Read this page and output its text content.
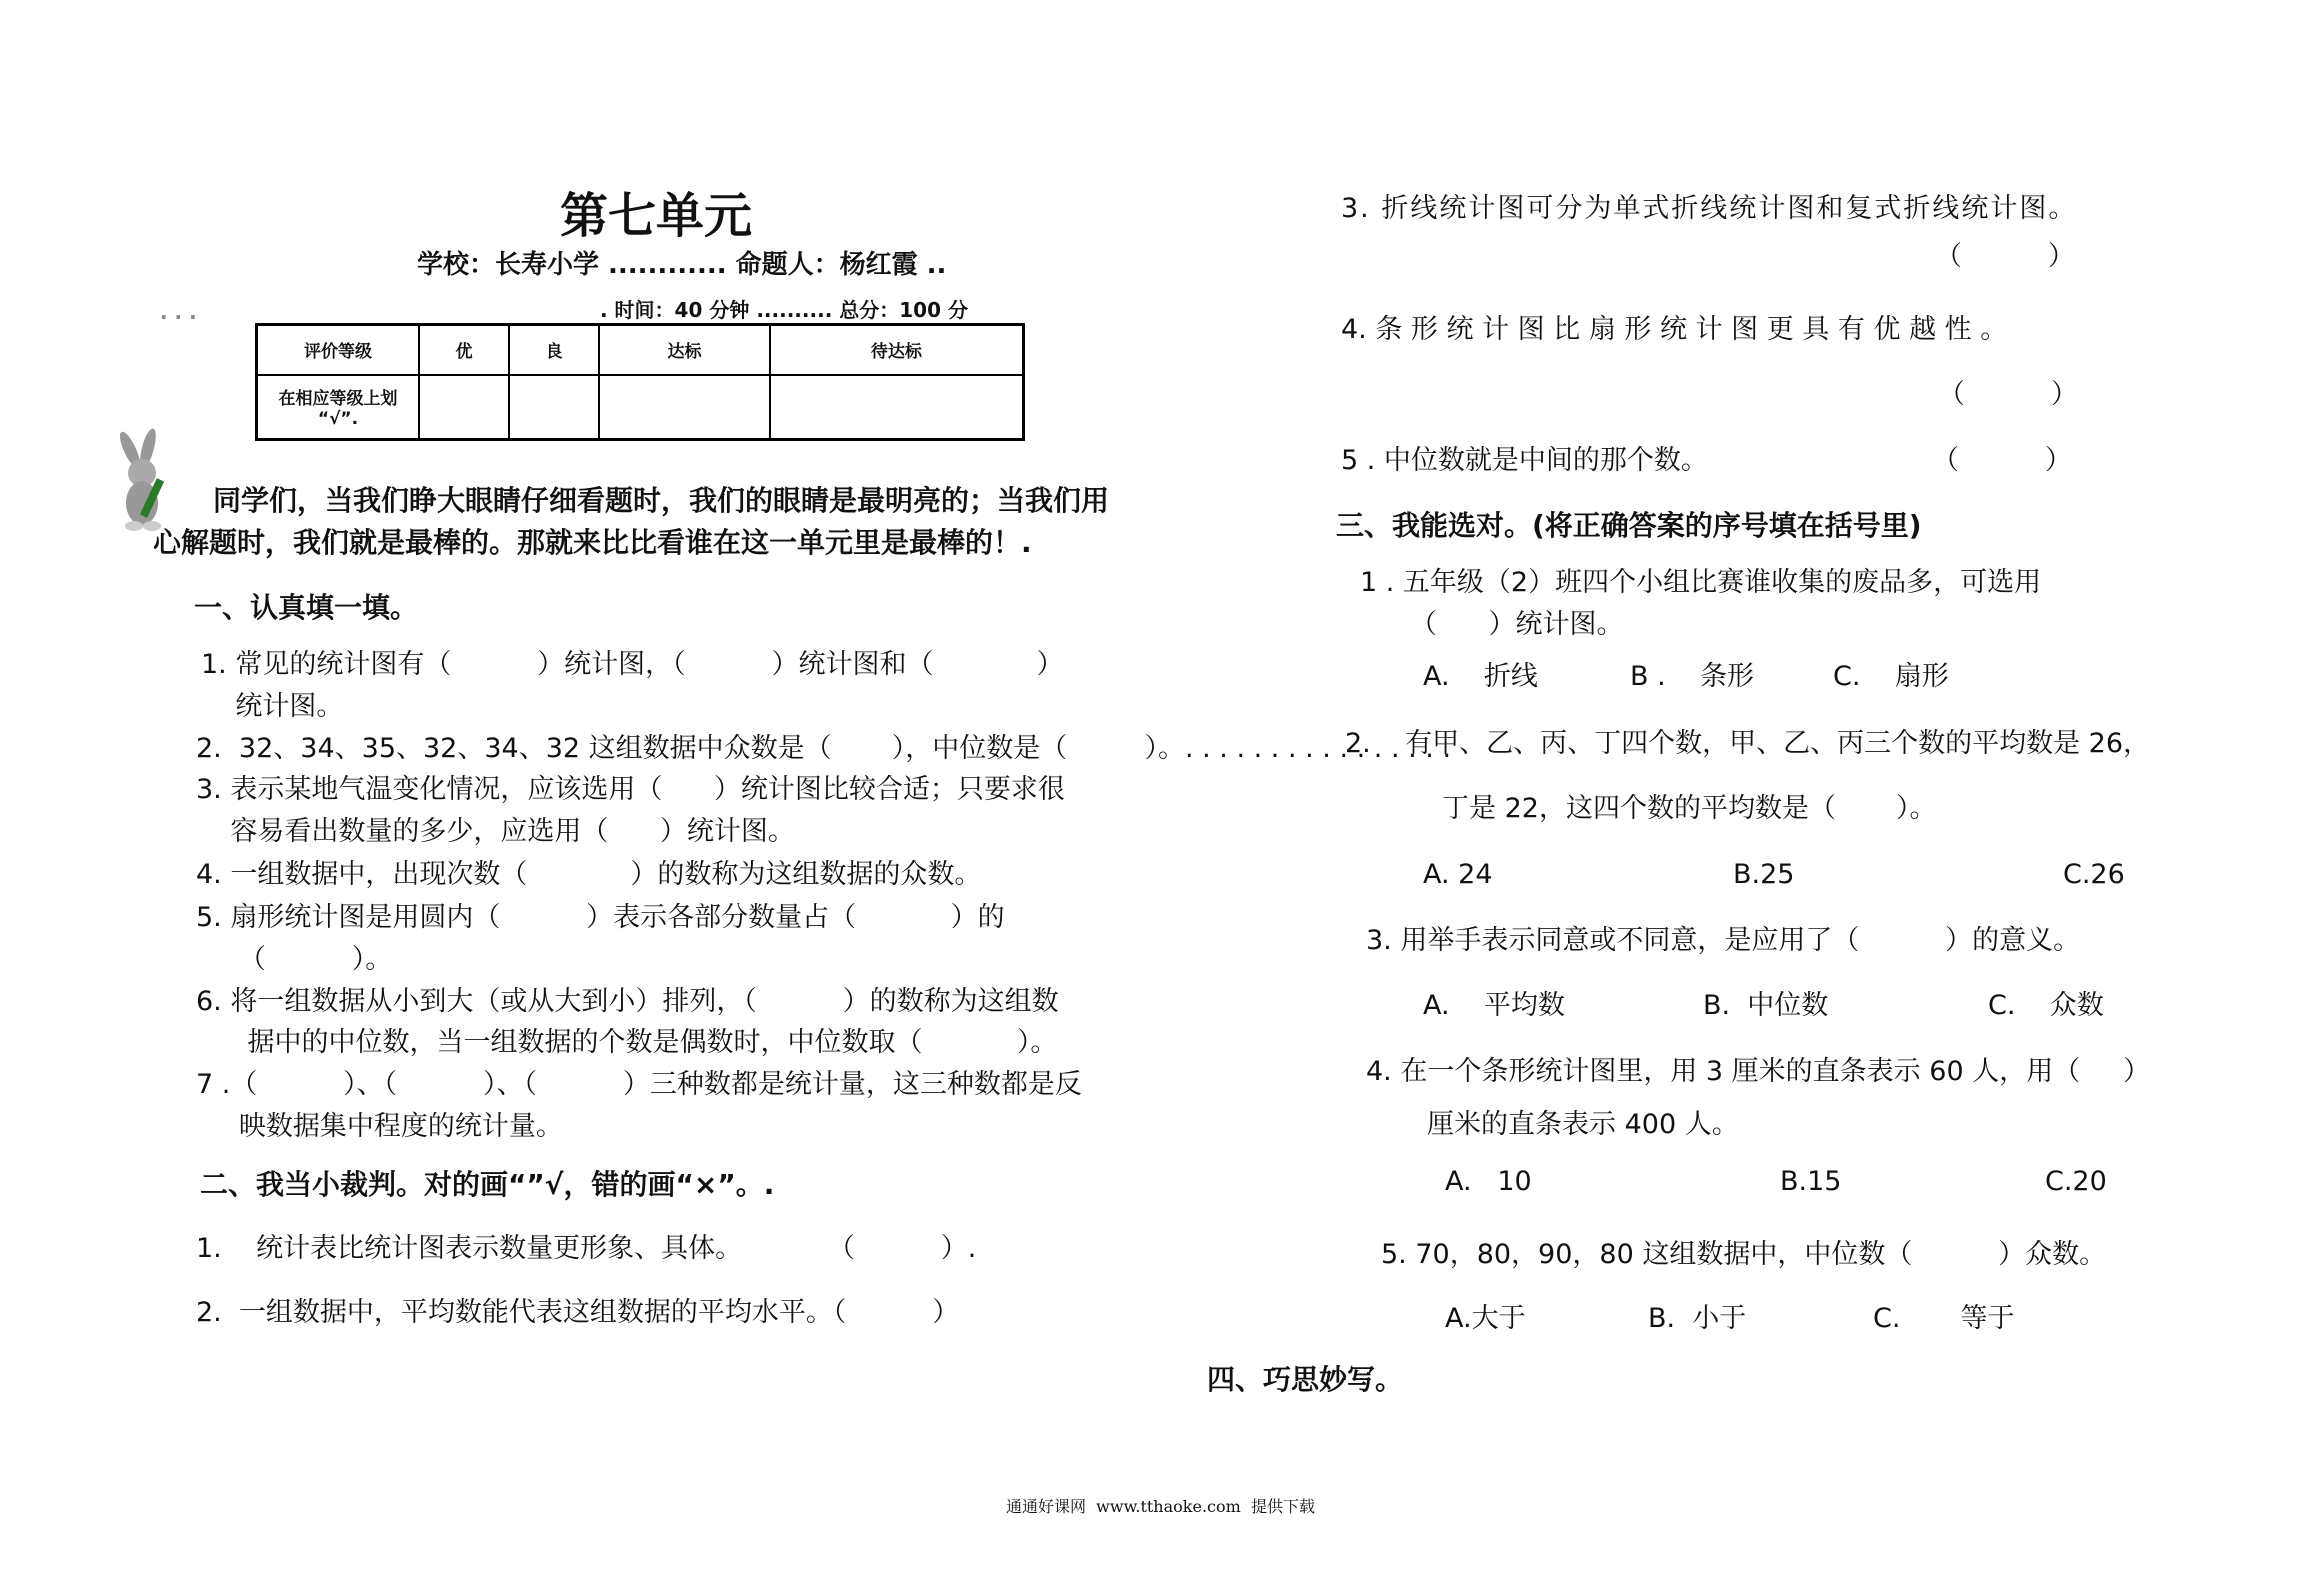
第七单元
学校：长寿小学 ............ 命题人：杨红霞 ..
. 时间：40 分钟 .......... 总分：100 分
. . .
评价等级	优	良	达标	待达标

在相应等级上划
“√”.				

同学们，当我们睁大眼睛仔细看题时，我们的眼睛是最明亮的；当我们用
心解题时，我们就是最棒的。那就来比比看谁在这一单元里是最棒的！.
一、认真填一填。
1. 常见的统计图有（          ）统计图，（          ）统计图和（            ）
统计图。
2.  32、34、35、32、34、32 这组数据中众数是（       ），中位数是（         ）。. . . . . . . . . . . . . . . .
3. 表示某地气温变化情况，应该选用（      ）统计图比较合适；只要求很
容易看出数量的多少，应选用（      ）统计图。
4. 一组数据中，出现次数（            ）的数称为这组数据的众数。
5. 扇形统计图是用圆内（          ）表示各部分数量占（           ）的
（          ）。
6. 将一组数据从小到大（或从大到小）排列，（          ）的数称为这组数
据中的中位数，当一组数据的个数是偶数时，中位数取（           ）。
7 .（          ）、（          ）、（          ）三种数都是统计量，这三种数都是反
映数据集中程度的统计量。
二、我当小裁判。对的画“”√，错的画“×”。.
1.    统计表比统计图表示数量更形象、具体。          （          ）.
2.  一组数据中，平均数能代表这组数据的平均水平。（          ）
3. 折线统计图可分为单式折线统计图和复式折线统计图。
（          ）
4. 条 形 统 计 图 比 扇 形 统 计 图 更 具 有 优 越 性 。
（          ）
5 . 中位数就是中间的那个数。	（          ）
三、我能选对。(将正确答案的序号填在括号里)
1 . 五年级（2）班四个小组比赛谁收集的废品多，可选用
（      ）统计图。
A.    折线	B .    条形	C.    扇形
2.    有甲、乙、丙、丁四个数，甲、乙、丙三个数的平均数是 26，
丁是 22，这四个数的平均数是（       ）。
A. 24	B.25	C.26
3. 用举手表示同意或不同意，是应用了（          ）的意义。
A.    平均数	B.  中位数	C.    众数
4. 在一个条形统计图里，用 3 厘米的直条表示 60 人，用（     ）
厘米的直条表示 400 人。
A.   10	B.15	C.20
5. 70，80，90，80 这组数据中，中位数（          ）众数。
A.大于	B.  小于	C.       等于
四、巧思妙写。
通通好课网  www.tthaoke.com  提供下载
